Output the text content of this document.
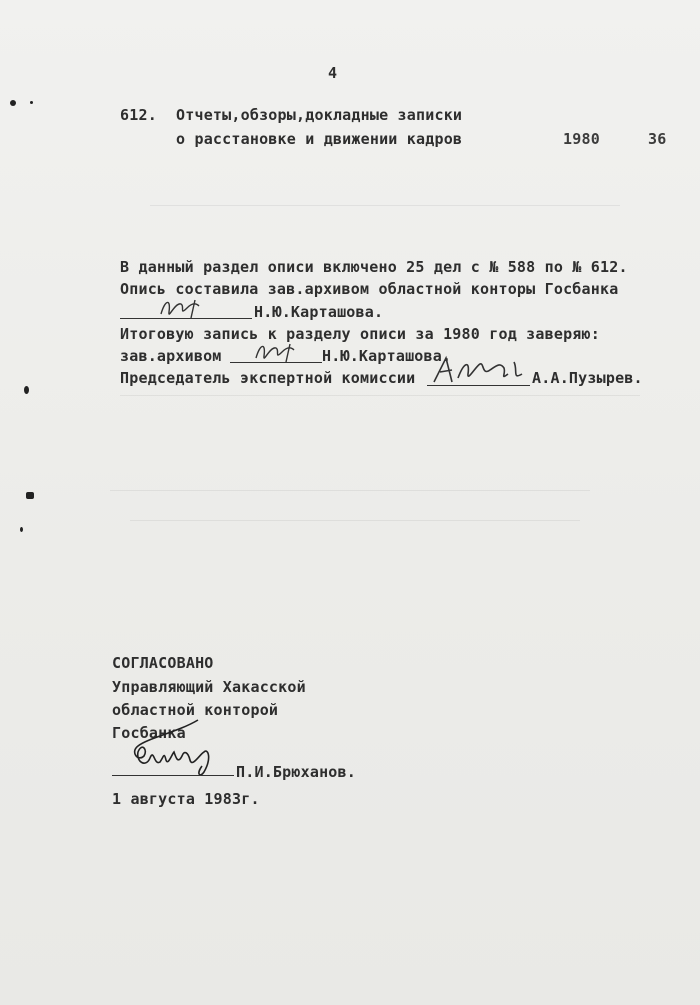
4
612. Отчеты,обзоры,докладные записки
о расстановке и движении кадров	1980	36
В данный раздел описи включено 25 дел с № 588 по № 612.
Опись составила зав.архивом областной конторы Госбанка
Н.Ю.Карташова.
Итоговую запись к разделу описи за 1980 год заверяю:
зав.архивом	Н.Ю.Карташова.
Председатель экспертной комиссии	А.А.Пузырев.
СОГЛАСОВАНО
Управляющий Хакасской
областной конторой
Госбанка
П.И.Брюханов.
1 августа 1983г.
